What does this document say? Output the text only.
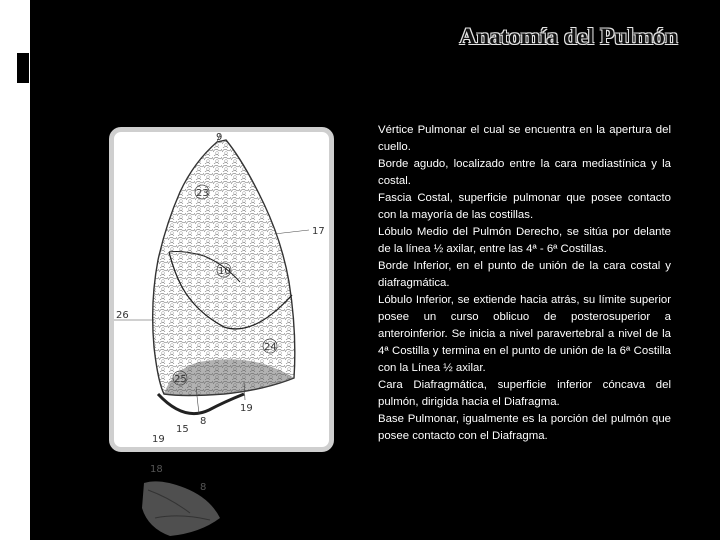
Anatomía del Pulmón
9
23
17
10
26
24
25
8
15
19
19
18
8

Vértice Pulmonar el cual se encuentra en la apertura del cuello.

Borde agudo, localizado entre la cara mediastínica y la costal.

Fascia Costal, superficie pulmonar que posee contacto con la mayoría de las costillas.

Lóbulo Medio del Pulmón Derecho, se sitúa por delante de la línea ½ axilar, entre las 4ª - 6ª Costillas.

Borde Inferior, en el punto de unión de la cara costal y diafragmática.

Lóbulo Inferior, se extiende hacia atrás, su límite superior posee un curso oblicuo de posterosuperior a anteroinferior. Se inicia a nivel paravertebral a nivel de la 4ª Costilla y termina en el punto de unión de la 6ª Costilla con la Línea ½ axilar.

Cara Diafragmática, superficie inferior cóncava del pulmón, dirigida hacia el Diafragma.

Base Pulmonar, igualmente es la porción del pulmón que posee contacto con el Diafragma.
